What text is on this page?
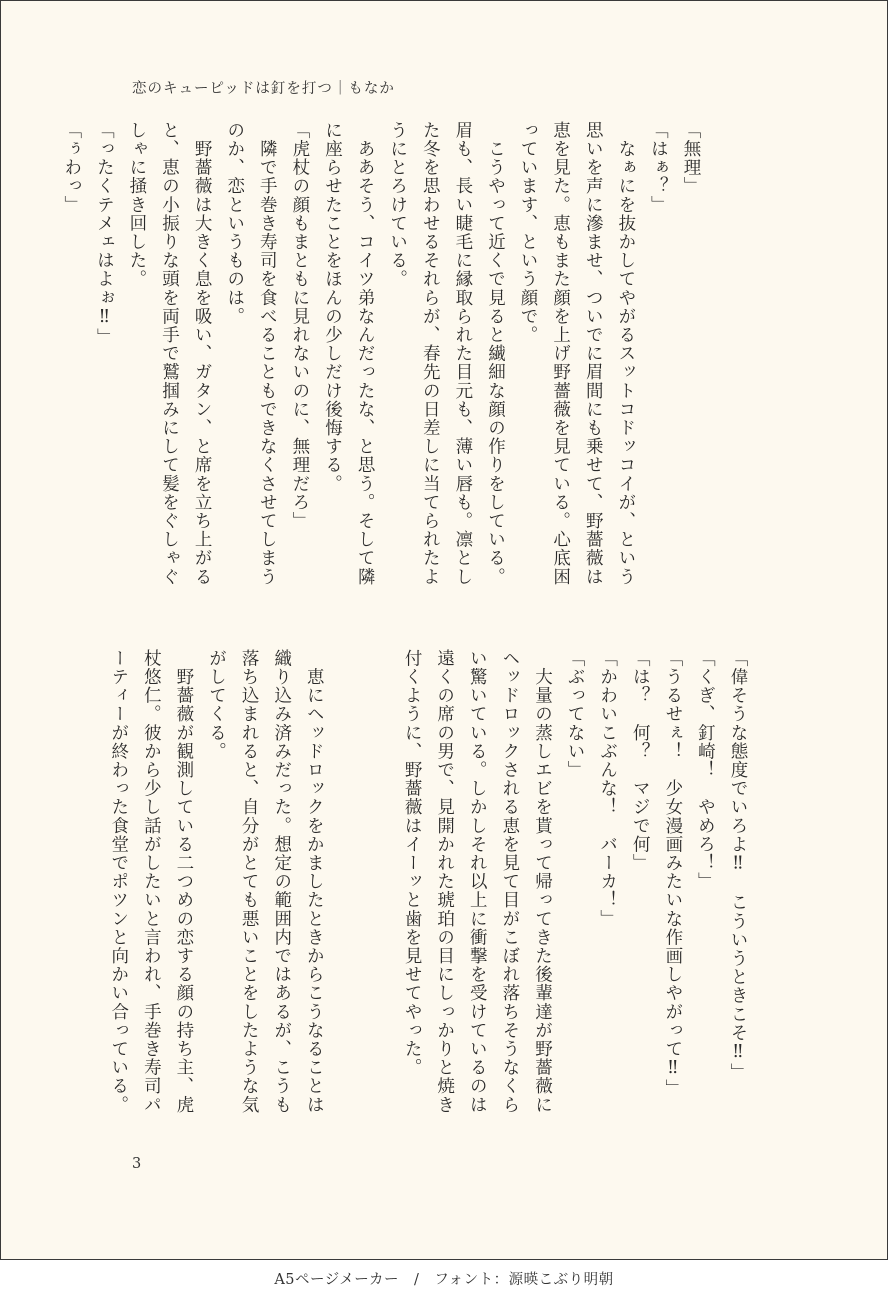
恋のキューピッドは釘を打つ｜もなか
「無理」
「はぁ？」
　なぁにを抜かしてやがるスットコドッコイが、という
思いを声に滲ませ、ついでに眉間にも乗せて、野薔薇は
恵を見た。恵もまた顔を上げ野薔薇を見ている。心底困
っています、という顔で。
　こうやって近くで見ると繊細な顔の作りをしている。
眉も、長い睫毛に縁取られた目元も、薄い唇も。凛とし
た冬を思わせるそれらが、春先の日差しに当てられたよ
うにとろけている。
　ああそう、コイツ弟なんだったな、と思う。そして隣
に座らせたことをほんの少しだけ後悔する。
「虎杖の顔もまともに見れないのに、無理だろ」
　隣で手巻き寿司を食べることもできなくさせてしまう
のか、恋というものは。
　野薔薇は大きく息を吸い、ガタン、と席を立ち上がる
と、恵の小振りな頭を両手で鷲掴みにして髪をぐしゃぐ
しゃに掻き回した。
「ったくテメェはよぉ‼」
「ぅわっ」
「偉そうな態度でいろよ‼　こういうときこそ‼」
「くぎ、釘崎！　やめろ！」
「うるせぇ！　少女漫画みたいな作画しやがって‼」
「は？　何？　マジで何」
「かわいこぶんな！　バーカ！」
「ぶってない」
　大量の蒸しエビを貰って帰ってきた後輩達が野薔薇に
ヘッドロックされる恵を見て目がこぼれ落ちそうなくら
い驚いている。しかしそれ以上に衝撃を受けているのは
遠くの席の男で、見開かれた琥珀の目にしっかりと焼き
付くように、野薔薇はイーッと歯を見せてやった。
　恵にヘッドロックをかましたときからこうなることは
織り込み済みだった。想定の範囲内ではあるが、こうも
落ち込まれると、自分がとても悪いことをしたような気
がしてくる。
　野薔薇が観測している二つめの恋する顔の持ち主、虎
杖悠仁。彼から少し話がしたいと言われ、手巻き寿司パ
ーティーが終わった食堂でポツンと向かい合っている。
3
A5ページメーカー　/　フォント：源暎こぶり明朝
